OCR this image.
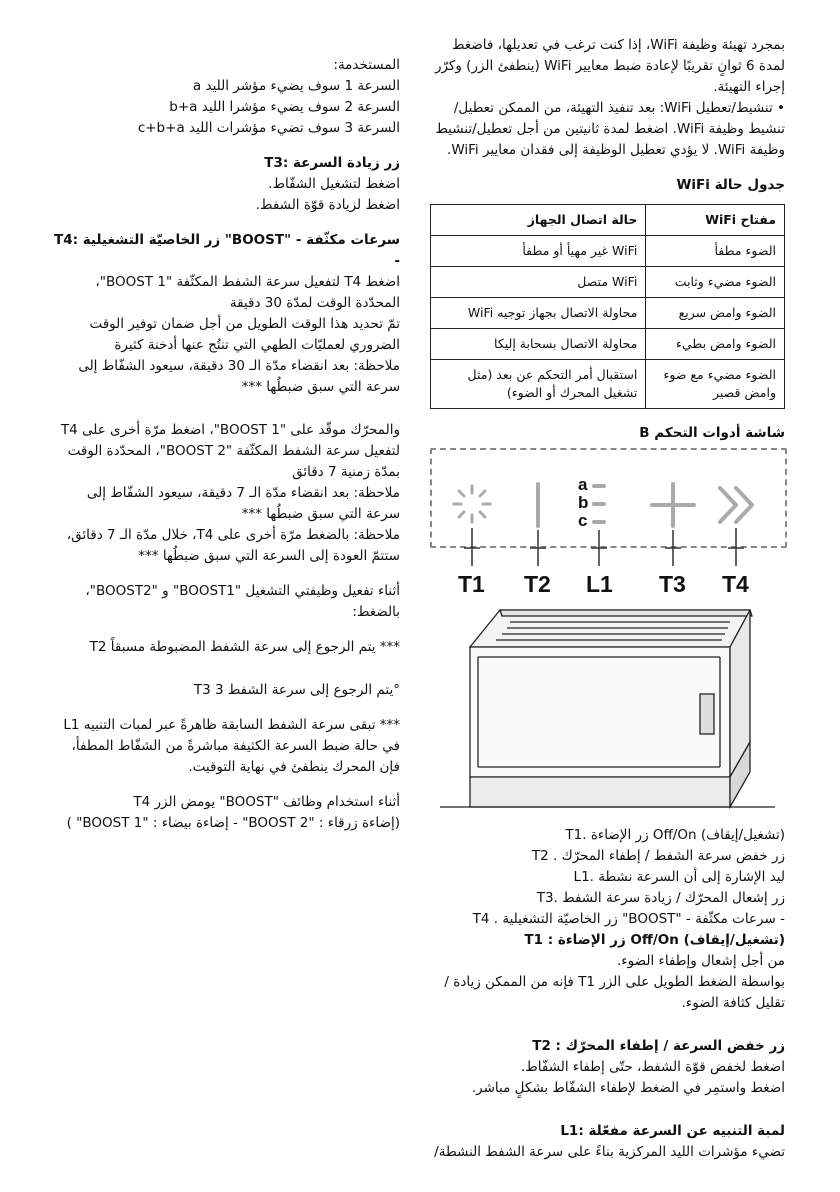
المستخدمة:

السرعة 1 سوف يضيء مؤشر الليد a

السرعة 2 سوف يضيء مؤشرا الليد b+a

السرعة 3 سوف تضيء مؤشرات الليد c+b+a

T3: زر زيادة السرعة

اضغط لتشغيل الشفّاط.

اضغط لزيادة قوّة الشفط.

T4: زر الخاصيّة التشغيلية "BOOST" - سرعات مكثّفة -

اضغط T4 لتفعيل سرعة الشفط المكثّفة "BOOST 1"، المحدّدة الوقت لمدّة 30 دقيقة

تمّ تحديد هذا الوقت الطويل من أجل ضمان توفير الوقت الضروري لعمليّات الطهي التي تنتُج عنها أدخنة كثيرة

ملاحظة: بعد انقضاء مدّة الـ 30 دقيقة، سيعود الشفّاط إلى سرعة التي سبق ضبطُها ***

والمحرّك موقّد على "BOOST 1"، اضغط مرّة أخرى على T4 لتفعيل سرعة الشفط المكثّفة "BOOST 2"، المحدّدة الوقت بمدّة زمنية 7 دقائق

ملاحظة: بعد انقضاء مدّة الـ 7 دقيقة، سيعود الشفّاط إلى سرعة التي سبق ضبطُها ***

ملاحظة: بالضغط مرّة أخرى على T4، خلال مدّة الـ 7 دقائق، ستتمّ العودة إلى السرعة التي سبق ضبطُها ***

أثناء تفعيل وظيفتي التشغيل "BOOST1" و "BOOST2"، بالضغط:

T2 يتم الرجوع إلى سرعة الشفط المضبوطة مسبقاً ***

T3 يتم الرجوع إلى سرعة الشفط 3°

*** تبقى سرعة الشفط السابقة ظاهرةً عبر لمبات التنبيه L1 في حالة ضبط السرعة الكثيفة مباشرةً من الشفّاط المطفأ، فإن المحرك ينطفئ في نهاية التوقيت.

أثناء استخدام وظائف "BOOST" يومض الزر T4

( "BOOST 1" : إضاءة بيضاء - "BOOST 2" : إضاءة زرقاء)

بمجرد تهيئة وظيفة WiFi، إذا كنت ترغب في تعديلها، فاضغط لمدة 6 ثوانٍ تقريبًا لإعادة ضبط معايير WiFi (ينطفئ الزر) وكرّر إجراء التهيئة.

• تنشيط/تعطيل WiFi: بعد تنفيذ التهيئة، من الممكن تعطيل/تنشيط وظيفة WiFi. اضغط لمدة ثانيتين من أجل تعطيل/تنشيط وظيفة WiFi. لا يؤدي تعطيل الوظيفة إلى فقدان معايير WiFi.

جدول حالة WiFi
مفتاح WiFi	حالة اتصال الجهاز
الضوء مطفأ	WiFi غير مهيأ أو مطفأ
الضوء مضيء وثابت	WiFi متصل
الضوء وامض سريع	محاولة الاتصال بجهاز توجيه WiFi
الضوء وامض بطيء	محاولة الاتصال بسحابة إليكا
الضوء مضيء مع ضوء وامض قصير	استقبال أمر التحكم عن بعد (مثل تشغيل المحرك أو الضوء)
شاشة أدوات التحكم B
a
b
c
T1 T2 L1 T3 T4

T1. زر الإضاءة Off/On (تشغيل/إيقاف)

T2 . زر خفض سرعة الشفط / إطفاء المحرّك

L1. ليد الإشارة إلى أن السرعة نشطة

T3. زر إشعال المحرّك / زيادة سرعة الشفط

T4 . زر الخاصيّة التشغيلية "BOOST" - سرعات مكثّفة -

T1 : زر الإضاءة Off/On (تشغيل/إيقاف)

من أجل إشعال وإطفاء الضوء.

بواسطة الضغط الطويل على الزر T1 فإنه من الممكن زيادة / تقليل كثافة الضوء.

T2 : زر خفض السرعة / إطفاء المحرّك

اضغط لخفض قوّة الشفط، حتّى إطفاء الشفّاط.

اضغط واستمِر في الضغط لإطفاء الشفّاط بشكلٍ مباشر.

L1: لمبة التنبيه عن السرعة مفعّلة

تضيء مؤشرات الليد المركزية بناءً على سرعة الشفط النشطة/
